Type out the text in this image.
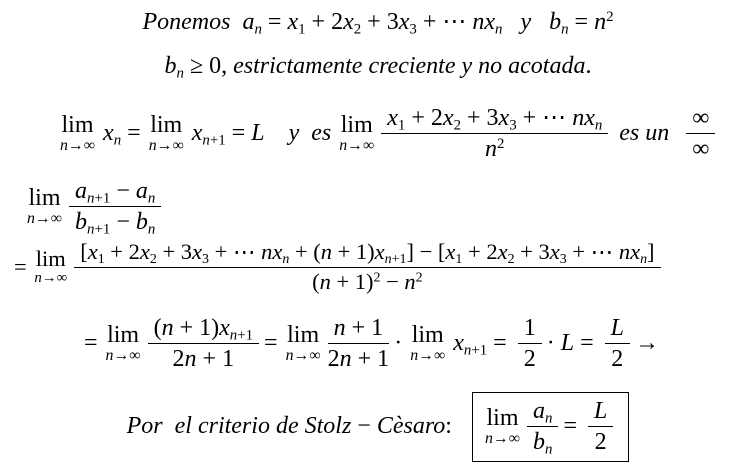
Ponemos $a_n = x_1 + 2x_2 + 3x_3$ + ⋯ $nx_n$ y $b_n = n^2$
$b_n \ge 0$, estrictamente creciente y no acotada.
lim
n→∞ $x_n = \lim$
n→∞ $x_{n+1} = L$ y es lim
$n\to\infty \frac{x_1 + 2x_2 + 3x_3 + \cdots nx_n}{n^2}$ es un $\frac{\infty}{\infty}$
lim
$n\to\infty \frac{a_{n+1} - a_n}{b_{n+1} - b_n}$
= lim
n→∞
[$x_1 + 2x_2 + 3x_3$ + ⋯ $nx_n + (n + 1)x_{n+1}] - [x_1 + 2x_2 + 3x_3$ + ⋯ $nx_n$]
$(n + 1)^2 - n^2$
= lim
$n\to\infty \frac{(n + 1)x_{n+1}}{2n + 1} = \lim$
$n\to\infty \frac{n + 1}{2n + 1} \cdot \lim$
n→∞ $x_{n+1} = \frac{1}{2} \cdot L = \frac{L}{2}$ →
Por el criterio de Stolz − Cèsaro: lim
$n\to\infty \frac{a_n}{b_n} = \frac{L}{2}$
